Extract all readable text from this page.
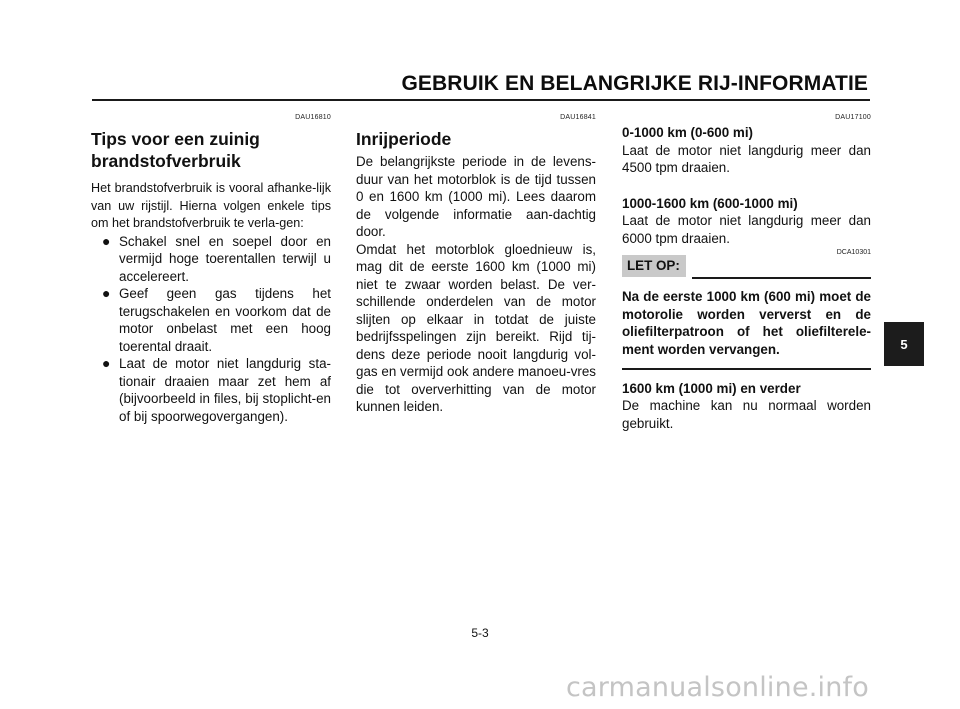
GEBRUIK EN BELANGRIJKE RIJ-INFORMATIE
DAU16810
Tips voor een zuinig
brandstofverbruik
Het brandstofverbruik is vooral afhanke-lijk van uw rijstijl. Hierna volgen enkele tips om het brandstofverbruik te verla-gen:
● Schakel snel en soepel door en vermijd hoge toerentallen terwijl u accelereert.
● Geef geen gas tijdens het terugschakelen en voorkom dat de motor onbelast met een hoog toerental draait.
● Laat de motor niet langdurig sta-tionair draaien maar zet hem af (bijvoorbeeld in files, bij stoplicht-en of bij spoorwegovergangen).
DAU16841
Inrijperiode
De belangrijkste periode in de levens-duur van het motorblok is de tijd tussen 0 en 1600 km (1000 mi). Lees daarom de volgende informatie aan-dachtig door.
Omdat het motorblok gloednieuw is, mag dit de eerste 1600 km (1000 mi) niet te zwaar worden belast. De ver-schillende onderdelen van de motor slijten op elkaar in totdat de juiste bedrijfsspelingen zijn bereikt. Rijd tij-dens deze periode nooit langdurig vol-gas en vermijd ook andere manoeu-vres die tot oververhitting van de motor kunnen leiden.
DAU17100
0-1000 km (0-600 mi)
Laat de motor niet langdurig meer dan 4500 tpm draaien.
1000-1600 km (600-1000 mi)
Laat de motor niet langdurig meer dan 6000 tpm draaien.
DCA10301
LET OP:
Na de eerste 1000 km (600 mi) moet de motorolie worden ververst en de oliefilterpatroon of het oliefilterele-ment worden vervangen.
1600 km (1000 mi) en verder
De machine kan nu normaal worden gebruikt.
5-3
5
carmanualsonline.info
